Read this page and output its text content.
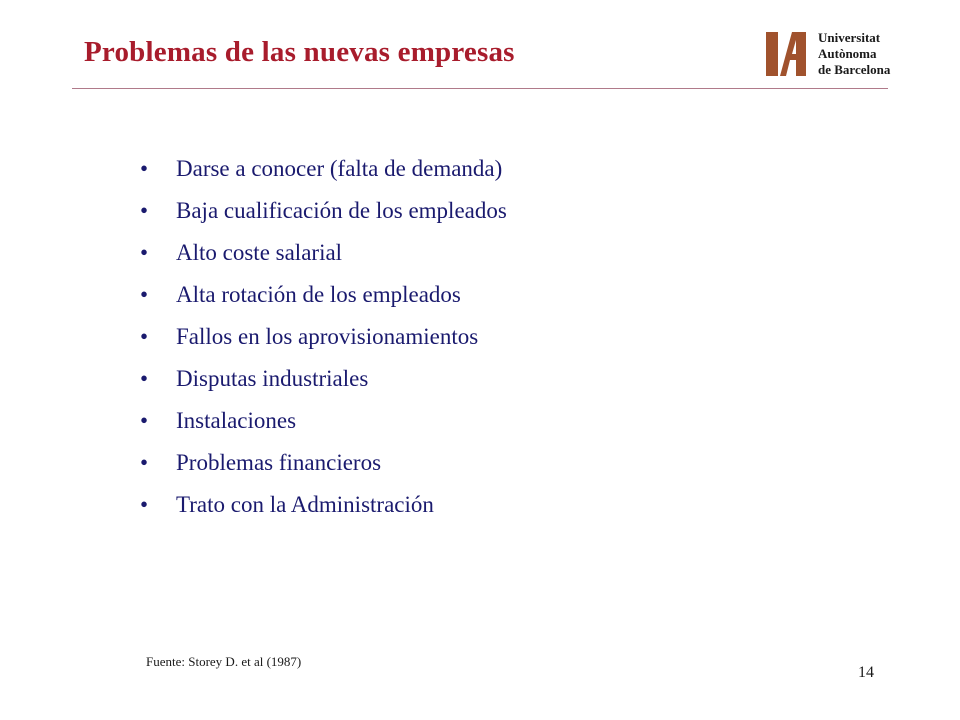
Problemas de las nuevas empresas	Universitat
Autònoma
de Barcelona
• Darse a conocer (falta de demanda)
• Baja cualificación de los empleados
• Alto coste salarial
• Alta rotación de los empleados
• Fallos en los aprovisionamientos
• Disputas industriales
• Instalaciones
• Problemas financieros
• Trato con la Administración
Fuente: Storey D. et al (1987)
14
